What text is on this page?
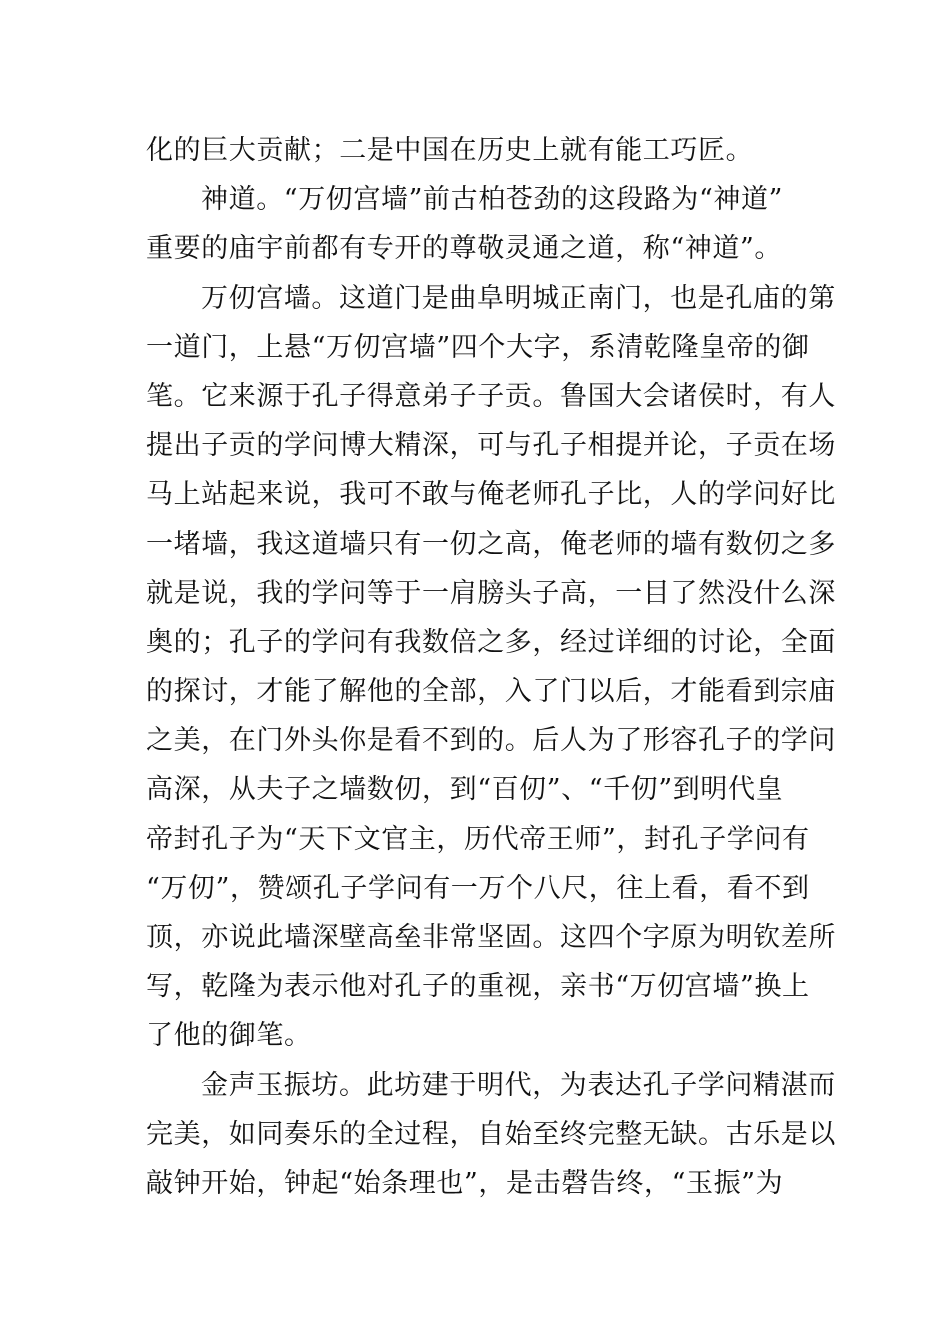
化的巨大贡献；二是中国在历史上就有能工巧匠。
神道。“万仞宫墙”前古柏苍劲的这段路为“神道”
重要的庙宇前都有专开的尊敬灵通之道，称“神道”。
万仞宫墙。这道门是曲阜明城正南门，也是孔庙的第
一道门，上悬“万仞宫墙”四个大字，系清乾隆皇帝的御
笔。它来源于孔子得意弟子子贡。鲁国大会诸侯时，有人
提出子贡的学问博大精深，可与孔子相提并论，子贡在场
马上站起来说，我可不敢与俺老师孔子比，人的学问好比
一堵墙，我这道墙只有一仞之高，俺老师的墙有数仞之多
就是说，我的学问等于一肩膀头子高，一目了然没什么深
奥的；孔子的学问有我数倍之多，经过详细的讨论，全面
的探讨，才能了解他的全部，入了门以后，才能看到宗庙
之美，在门外头你是看不到的。后人为了形容孔子的学问
高深，从夫子之墙数仞，到“百仞”、“千仞”到明代皇
帝封孔子为“天下文官主，历代帝王师”，封孔子学问有
“万仞”，赞颂孔子学问有一万个八尺，往上看，看不到
顶，亦说此墙深壁高垒非常坚固。这四个字原为明钦差所
写，乾隆为表示他对孔子的重视，亲书“万仞宫墙”换上
了他的御笔。
金声玉振坊。此坊建于明代，为表达孔子学问精湛而
完美，如同奏乐的全过程，自始至终完整无缺。古乐是以
敲钟开始，钟起“始条理也”，是击磬告终，“玉振”为
